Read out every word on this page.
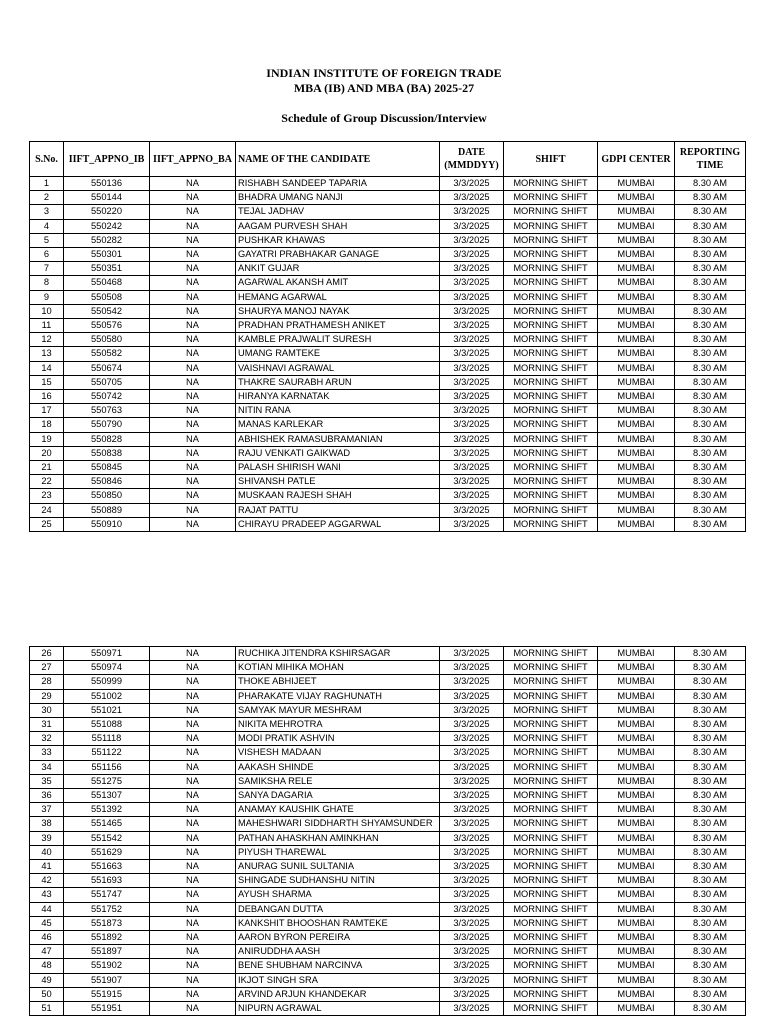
INDIAN INSTITUTE OF FOREIGN TRADE
MBA (IB) AND MBA (BA) 2025-27
Schedule of Group Discussion/Interview
S.No.	IIFT_APPNO_IB	IIFT_APPNO_BA	NAME OF THE CANDIDATE	DATE (MMDDYY)	SHIFT	GDPI CENTER	REPORTING TIME
1	550136	NA	RISHABH SANDEEP TAPARIA	3/3/2025	MORNING SHIFT	MUMBAI	8.30 AM
2	550144	NA	BHADRA UMANG NANJI	3/3/2025	MORNING SHIFT	MUMBAI	8.30 AM
3	550220	NA	TEJAL JADHAV	3/3/2025	MORNING SHIFT	MUMBAI	8.30 AM
4	550242	NA	AAGAM PURVESH SHAH	3/3/2025	MORNING SHIFT	MUMBAI	8.30 AM
5	550282	NA	PUSHKAR KHAWAS	3/3/2025	MORNING SHIFT	MUMBAI	8.30 AM
6	550301	NA	GAYATRI PRABHAKAR GANAGE	3/3/2025	MORNING SHIFT	MUMBAI	8.30 AM
7	550351	NA	ANKIT GUJAR	3/3/2025	MORNING SHIFT	MUMBAI	8.30 AM
8	550468	NA	AGARWAL AKANSH AMIT	3/3/2025	MORNING SHIFT	MUMBAI	8.30 AM
9	550508	NA	HEMANG AGARWAL	3/3/2025	MORNING SHIFT	MUMBAI	8.30 AM
10	550542	NA	SHAURYA MANOJ NAYAK	3/3/2025	MORNING SHIFT	MUMBAI	8.30 AM
11	550576	NA	PRADHAN PRATHAMESH ANIKET	3/3/2025	MORNING SHIFT	MUMBAI	8.30 AM
12	550580	NA	KAMBLE PRAJWALIT SURESH	3/3/2025	MORNING SHIFT	MUMBAI	8.30 AM
13	550582	NA	UMANG RAMTEKE	3/3/2025	MORNING SHIFT	MUMBAI	8.30 AM
14	550674	NA	VAISHNAVI AGRAWAL	3/3/2025	MORNING SHIFT	MUMBAI	8.30 AM
15	550705	NA	THAKRE SAURABH ARUN	3/3/2025	MORNING SHIFT	MUMBAI	8.30 AM
16	550742	NA	HIRANYA KARNATAK	3/3/2025	MORNING SHIFT	MUMBAI	8.30 AM
17	550763	NA	NITIN RANA	3/3/2025	MORNING SHIFT	MUMBAI	8.30 AM
18	550790	NA	MANAS KARLEKAR	3/3/2025	MORNING SHIFT	MUMBAI	8.30 AM
19	550828	NA	ABHISHEK RAMASUBRAMANIAN	3/3/2025	MORNING SHIFT	MUMBAI	8.30 AM
20	550838	NA	RAJU VENKATI GAIKWAD	3/3/2025	MORNING SHIFT	MUMBAI	8.30 AM
21	550845	NA	PALASH SHIRISH WANI	3/3/2025	MORNING SHIFT	MUMBAI	8.30 AM
22	550846	NA	SHIVANSH PATLE	3/3/2025	MORNING SHIFT	MUMBAI	8.30 AM
23	550850	NA	MUSKAAN RAJESH SHAH	3/3/2025	MORNING SHIFT	MUMBAI	8.30 AM
24	550889	NA	RAJAT PATTU	3/3/2025	MORNING SHIFT	MUMBAI	8.30 AM
25	550910	NA	CHIRAYU PRADEEP AGGARWAL	3/3/2025	MORNING SHIFT	MUMBAI	8.30 AM
26	550971	NA	RUCHIKA JITENDRA KSHIRSAGAR	3/3/2025	MORNING SHIFT	MUMBAI	8.30 AM
27	550974	NA	KOTIAN MIHIKA MOHAN	3/3/2025	MORNING SHIFT	MUMBAI	8.30 AM
28	550999	NA	THOKE ABHIJEET	3/3/2025	MORNING SHIFT	MUMBAI	8.30 AM
29	551002	NA	PHARAKATE VIJAY RAGHUNATH	3/3/2025	MORNING SHIFT	MUMBAI	8.30 AM
30	551021	NA	SAMYAK MAYUR MESHRAM	3/3/2025	MORNING SHIFT	MUMBAI	8.30 AM
31	551088	NA	NIKITA MEHROTRA	3/3/2025	MORNING SHIFT	MUMBAI	8.30 AM
32	551118	NA	MODI PRATIK ASHVIN	3/3/2025	MORNING SHIFT	MUMBAI	8.30 AM
33	551122	NA	VISHESH MADAAN	3/3/2025	MORNING SHIFT	MUMBAI	8.30 AM
34	551156	NA	AAKASH SHINDE	3/3/2025	MORNING SHIFT	MUMBAI	8.30 AM
35	551275	NA	SAMIKSHA RELE	3/3/2025	MORNING SHIFT	MUMBAI	8.30 AM
36	551307	NA	SANYA DAGARIA	3/3/2025	MORNING SHIFT	MUMBAI	8.30 AM
37	551392	NA	ANAMAY KAUSHIK GHATE	3/3/2025	MORNING SHIFT	MUMBAI	8.30 AM
38	551465	NA	MAHESHWARI SIDDHARTH SHYAMSUNDER	3/3/2025	MORNING SHIFT	MUMBAI	8.30 AM
39	551542	NA	PATHAN AHASKHAN AMINKHAN	3/3/2025	MORNING SHIFT	MUMBAI	8.30 AM
40	551629	NA	PIYUSH THAREWAL	3/3/2025	MORNING SHIFT	MUMBAI	8.30 AM
41	551663	NA	ANURAG SUNIL SULTANIA	3/3/2025	MORNING SHIFT	MUMBAI	8.30 AM
42	551693	NA	SHINGADE SUDHANSHU NITIN	3/3/2025	MORNING SHIFT	MUMBAI	8.30 AM
43	551747	NA	AYUSH SHARMA	3/3/2025	MORNING SHIFT	MUMBAI	8.30 AM
44	551752	NA	DEBANGAN DUTTA	3/3/2025	MORNING SHIFT	MUMBAI	8.30 AM
45	551873	NA	KANKSHIT BHOOSHAN RAMTEKE	3/3/2025	MORNING SHIFT	MUMBAI	8.30 AM
46	551892	NA	AARON BYRON PEREIRA	3/3/2025	MORNING SHIFT	MUMBAI	8.30 AM
47	551897	NA	ANIRUDDHA AASH	3/3/2025	MORNING SHIFT	MUMBAI	8.30 AM
48	551902	NA	BENE SHUBHAM NARCINVA	3/3/2025	MORNING SHIFT	MUMBAI	8.30 AM
49	551907	NA	IKJOT SINGH SRA	3/3/2025	MORNING SHIFT	MUMBAI	8.30 AM
50	551915	NA	ARVIND ARJUN KHANDEKAR	3/3/2025	MORNING SHIFT	MUMBAI	8.30 AM
51	551951	NA	NIPURN AGRAWAL	3/3/2025	MORNING SHIFT	MUMBAI	8.30 AM
